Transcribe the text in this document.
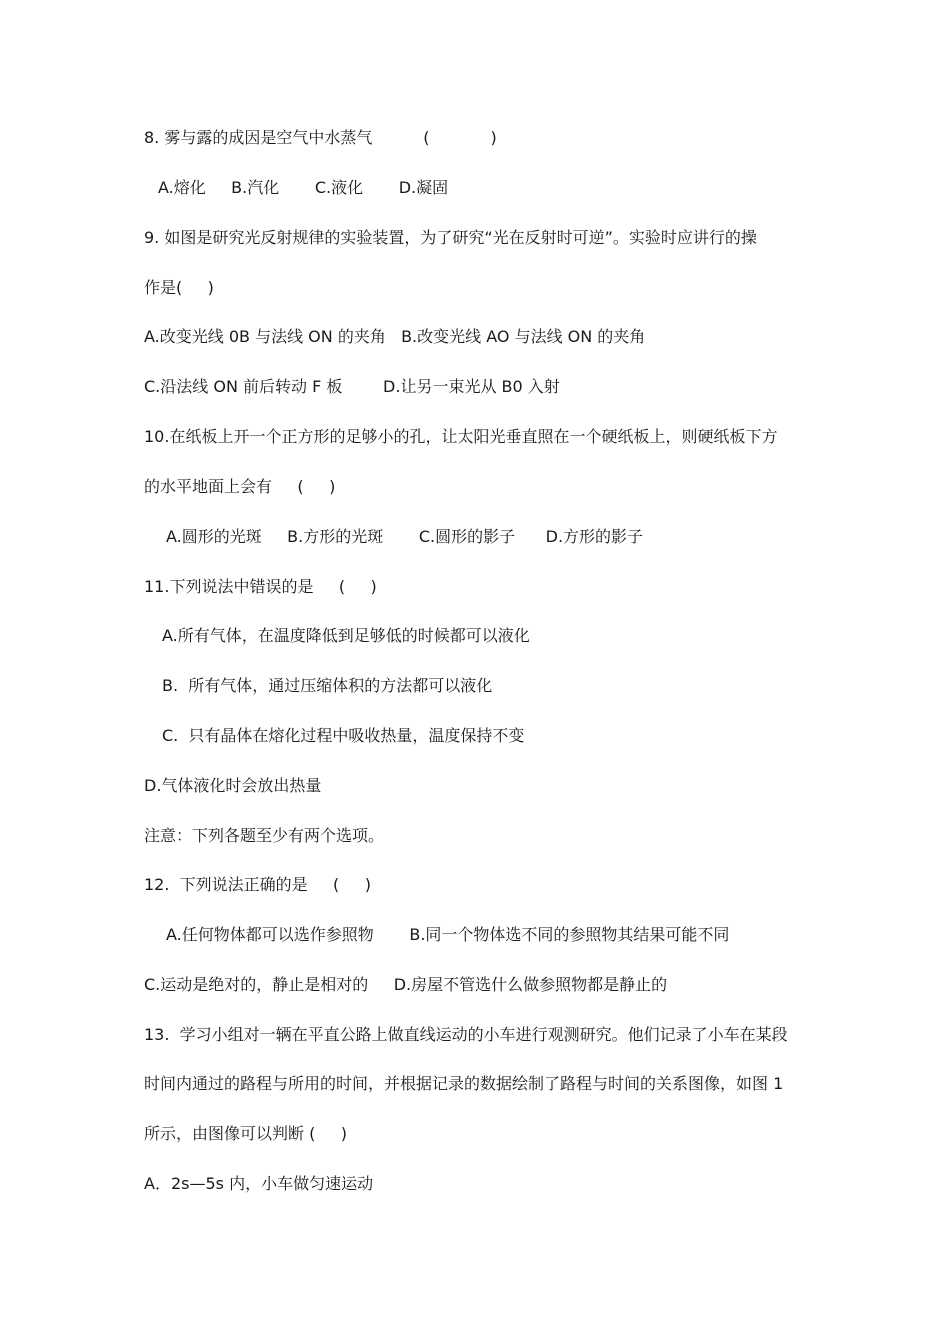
8. 雾与露的成因是空气中水蒸气          (            )
A.熔化     B.汽化       C.液化       D.凝固
9. 如图是研究光反射规律的实验装置，为了研究“光在反射时可逆”。实验时应讲行的操
作是(     )
A.改变光线 0B 与法线 ON 的夹角   B.改变光线 AO 与法线 ON 的夹角
C.沿法线 ON 前后转动 F 板        D.让另一束光从 B0 入射
10.在纸板上开一个正方形的足够小的孔，让太阳光垂直照在一个硬纸板上，则硬纸板下方
的水平地面上会有     (     )
A.圆形的光斑     B.方形的光斑       C.圆形的影子      D.方形的影子
11.下列说法中错误的是     (     )
A.所有气体，在温度降低到足够低的时候都可以液化
B.  所有气体，通过压缩体积的方法都可以液化
C.  只有晶体在熔化过程中吸收热量，温度保持不变
D.气体液化时会放出热量
注意：下列各题至少有两个选项。
12.  下列说法正确的是     (     )
A.任何物体都可以选作参照物       B.同一个物体选不同的参照物其结果可能不同
C.运动是绝对的，静止是相对的     D.房屋不管选什么做参照物都是静止的
13.  学习小组对一辆在平直公路上做直线运动的小车进行观测研究。他们记录了小车在某段
时间内通过的路程与所用的时间，并根据记录的数据绘制了路程与时间的关系图像，如图 1
所示，由图像可以判断 (     )
A．2s—5s 内，小车做匀速运动
